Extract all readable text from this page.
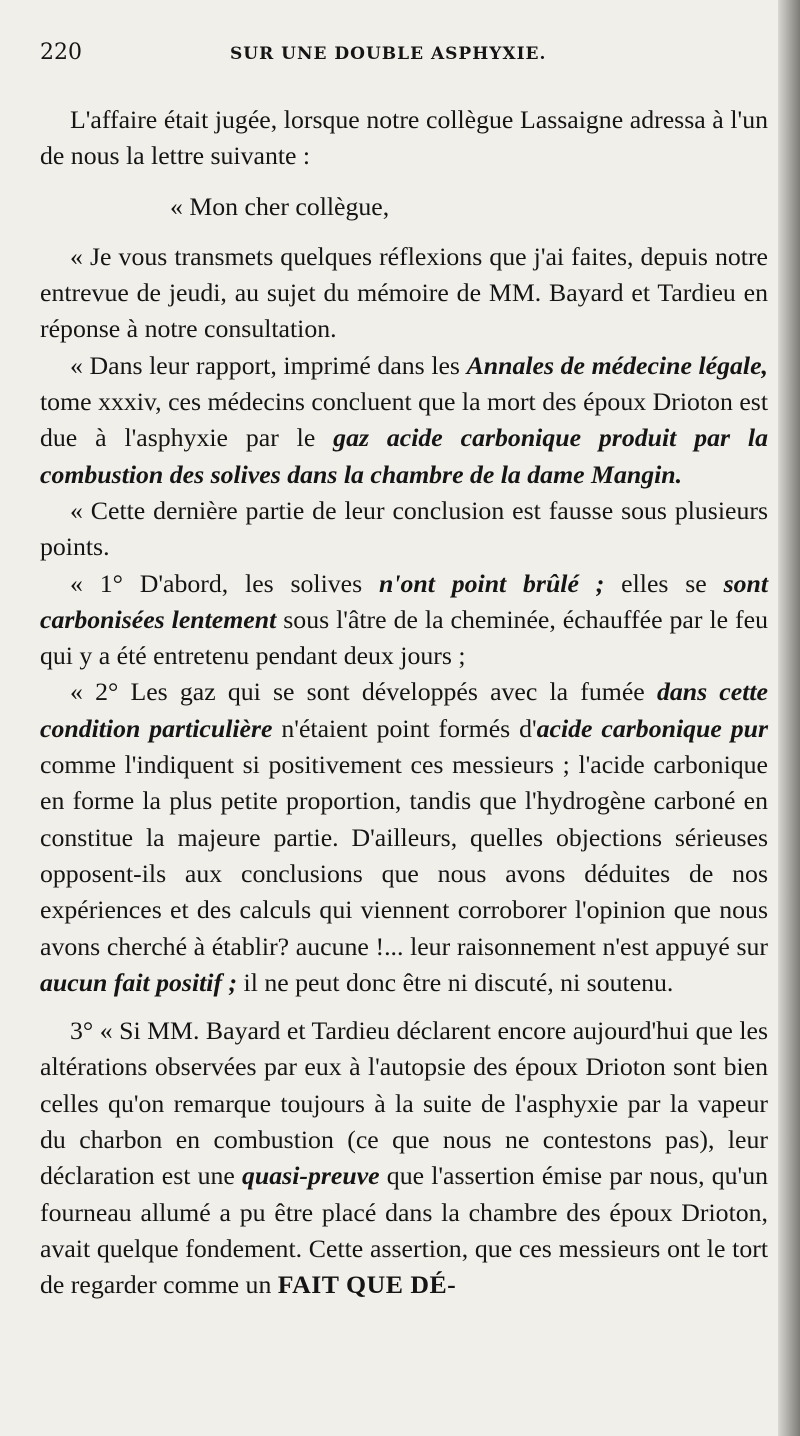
220	SUR UNE DOUBLE ASPHYXIE.

L'affaire était jugée, lorsque notre collègue Lassaigne adressa à l'un de nous la lettre suivante :

« Mon cher collègue,

« Je vous transmets quelques réflexions que j'ai faites, depuis notre entrevue de jeudi, au sujet du mémoire de MM. Bayard et Tardieu en réponse à notre consultation.

« Dans leur rapport, imprimé dans les Annales de médecine légale, tome xxxiv, ces médecins concluent que la mort des époux Drioton est due à l'asphyxie par le gaz acide carbonique produit par la combustion des solives dans la chambre de la dame Mangin.

« Cette dernière partie de leur conclusion est fausse sous plusieurs points.

« 1° D'abord, les solives n'ont point brûlé ; elles se sont carbonisées lentement sous l'âtre de la cheminée, échauffée par le feu qui y a été entretenu pendant deux jours ;

« 2° Les gaz qui se sont développés avec la fumée dans cette condition particulière n'étaient point formés d'acide carbonique pur comme l'indiquent si positivement ces messieurs ; l'acide carbonique en forme la plus petite proportion, tandis que l'hydrogène carboné en constitue la majeure partie. D'ailleurs, quelles objections sérieuses opposent-ils aux conclusions que nous avons déduites de nos expériences et des calculs qui viennent corroborer l'opinion que nous avons cherché à établir? aucune !... leur raisonnement n'est appuyé sur aucun fait positif ; il ne peut donc être ni discuté, ni soutenu.

3° « Si MM. Bayard et Tardieu déclarent encore aujourd'hui que les altérations observées par eux à l'autopsie des époux Drioton sont bien celles qu'on remarque toujours à la suite de l'asphyxie par la vapeur du charbon en combustion (ce que nous ne contestons pas), leur déclaration est une quasi-preuve que l'assertion émise par nous, qu'un fourneau allumé a pu être placé dans la chambre des époux Drioton, avait quelque fondement. Cette assertion, que ces messieurs ont le tort de regarder comme un FAIT QUE DÉ-
